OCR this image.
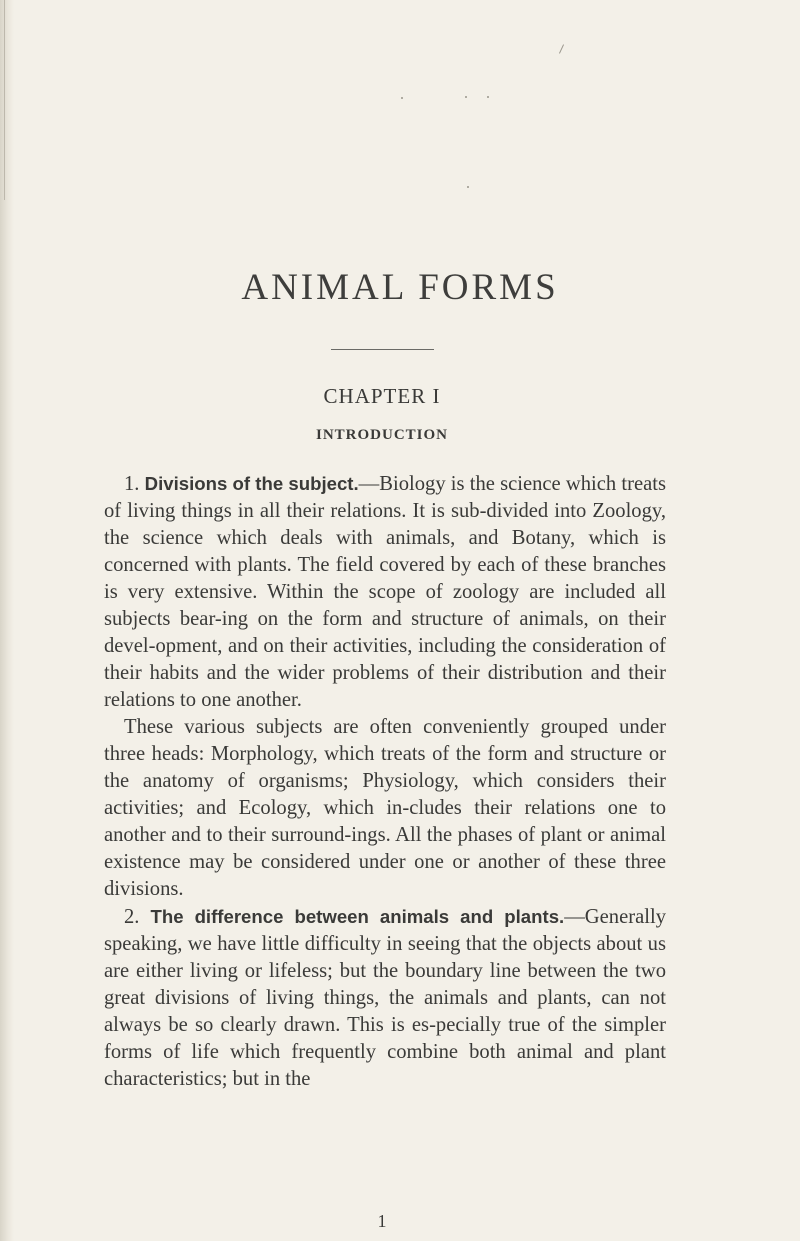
ANIMAL FORMS
CHAPTER I
INTRODUCTION

1. Divisions of the subject.—Biology is the science which treats of living things in all their relations. It is sub-divided into Zoology, the science which deals with animals, and Botany, which is concerned with plants. The field covered by each of these branches is very extensive. Within the scope of zoology are included all subjects bear-ing on the form and structure of animals, on their devel-opment, and on their activities, including the consideration of their habits and the wider problems of their distribution and their relations to one another.

These various subjects are often conveniently grouped under three heads: Morphology, which treats of the form and structure or the anatomy of organisms; Physiology, which considers their activities; and Ecology, which in-cludes their relations one to another and to their surround-ings. All the phases of plant or animal existence may be considered under one or another of these three divisions.

2. The difference between animals and plants.—Generally speaking, we have little difficulty in seeing that the objects about us are either living or lifeless; but the boundary line between the two great divisions of living things, the animals and plants, can not always be so clearly drawn. This is es-pecially true of the simpler forms of life which frequently combine both animal and plant characteristics; but in the

1
